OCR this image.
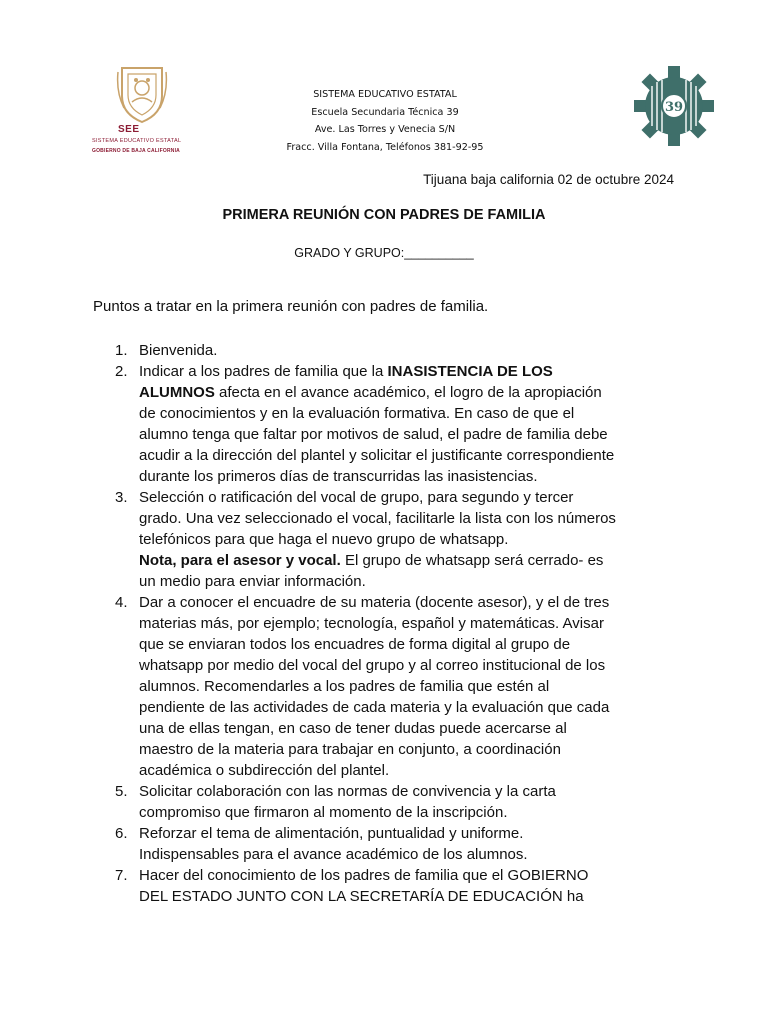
SEE
SISTEMA EDUCATIVO ESTATAL
GOBIERNO DE BAJA CALIFORNIA
39
SISTEMA EDUCATIVO ESTATAL
Escuela Secundaria Técnica 39
Ave. Las Torres y Venecia S/N
Fracc. Villa Fontana, Teléfonos 381-92-95
Tijuana baja california 02 de octubre 2024
PRIMERA REUNIÓN CON PADRES DE FAMILIA
GRADO Y GRUPO:__________
Puntos a tratar en la primera reunión con padres de familia.
1. Bienvenida.
2. Indicar a los padres de familia que la INASISTENCIA DE LOS
ALUMNOS afecta en el avance académico, el logro de la apropiación
de conocimientos y en la evaluación formativa. En caso de que el
alumno tenga que faltar por motivos de salud, el padre de familia debe
acudir a la dirección del plantel y solicitar el justificante correspondiente
durante los primeros días de transcurridas las inasistencias.
3. Selección o ratificación del vocal de grupo, para segundo y tercer
grado. Una vez seleccionado el vocal, facilitarle la lista con los números
telefónicos para que haga el nuevo grupo de whatsapp.
Nota, para el asesor y vocal. El grupo de whatsapp será cerrado- es
un medio para enviar información.
4. Dar a conocer el encuadre de su materia (docente asesor), y el de tres
materias más, por ejemplo; tecnología, español y matemáticas. Avisar
que se enviaran todos los encuadres de forma digital al grupo de
whatsapp por medio del vocal del grupo y al correo institucional de los
alumnos. Recomendarles a los padres de familia que estén al
pendiente de las actividades de cada materia y la evaluación que cada
una de ellas tengan, en caso de tener dudas puede acercarse al
maestro de la materia para trabajar en conjunto, a coordinación
académica o subdirección del plantel.
5. Solicitar colaboración con las normas de convivencia y la carta
compromiso que firmaron al momento de la inscripción.
6. Reforzar el tema de alimentación, puntualidad y uniforme.
Indispensables para el avance académico de los alumnos.
7. Hacer del conocimiento de los padres de familia que el GOBIERNO
DEL ESTADO JUNTO CON LA SECRETARÍA DE EDUCACIÓN ha
